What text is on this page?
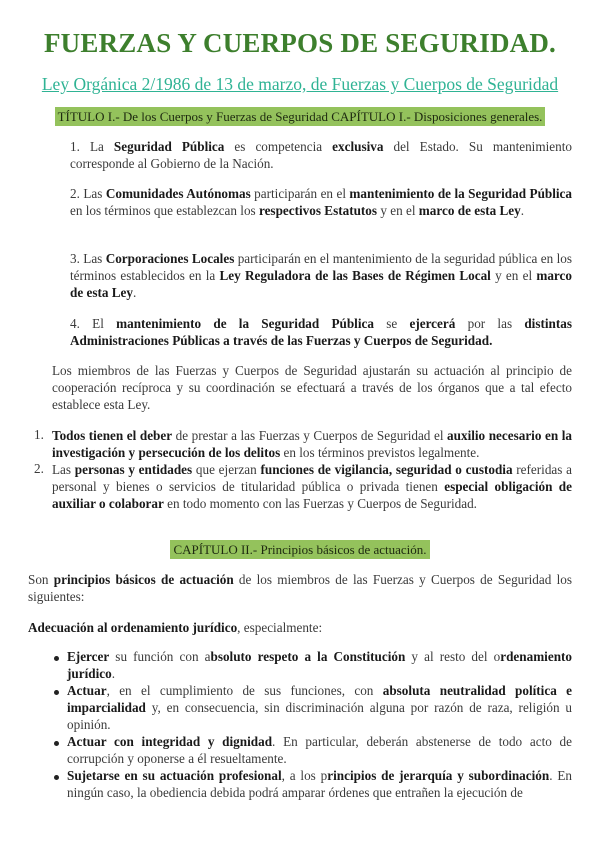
FUERZAS Y CUERPOS DE SEGURIDAD.
Ley Orgánica 2/1986 de 13 de marzo, de Fuerzas y Cuerpos de Seguridad
TÍTULO I.- De los Cuerpos y Fuerzas de Seguridad CAPÍTULO I.- Disposiciones generales.
1. La Seguridad Pública es competencia exclusiva del Estado. Su mantenimiento corresponde al Gobierno de la Nación.
2. Las Comunidades Autónomas participarán en el mantenimiento de la Seguridad Pública en los términos que establezcan los respectivos Estatutos y en el marco de esta Ley.
3. Las Corporaciones Locales participarán en el mantenimiento de la seguridad pública en los términos establecidos en la Ley Reguladora de las Bases de Régimen Local y en el marco de esta Ley.
4. El mantenimiento de la Seguridad Pública se ejercerá por las distintas Administraciones Públicas a través de las Fuerzas y Cuerpos de Seguridad.
Los miembros de las Fuerzas y Cuerpos de Seguridad ajustarán su actuación al principio de cooperación recíproca y su coordinación se efectuará a través de los órganos que a tal efecto establece esta Ley.
1. Todos tienen el deber de prestar a las Fuerzas y Cuerpos de Seguridad el auxilio necesario en la investigación y persecución de los delitos en los términos previstos legalmente.
2. Las personas y entidades que ejerzan funciones de vigilancia, seguridad o custodia referidas a personal y bienes o servicios de titularidad pública o privada tienen especial obligación de auxiliar o colaborar en todo momento con las Fuerzas y Cuerpos de Seguridad.
CAPÍTULO II.- Principios básicos de actuación.
Son principios básicos de actuación de los miembros de las Fuerzas y Cuerpos de Seguridad los siguientes:
Adecuación al ordenamiento jurídico, especialmente:
Ejercer su función con absoluto respeto a la Constitución y al resto del ordenamiento jurídico.
Actuar, en el cumplimiento de sus funciones, con absoluta neutralidad política e imparcialidad y, en consecuencia, sin discriminación alguna por razón de raza, religión u opinión.
Actuar con integridad y dignidad. En particular, deberán abstenerse de todo acto de corrupción y oponerse a él resueltamente.
Sujetarse en su actuación profesional, a los principios de jerarquía y subordinación. En ningún caso, la obediencia debida podrá amparar órdenes que entrañen la ejecución de
